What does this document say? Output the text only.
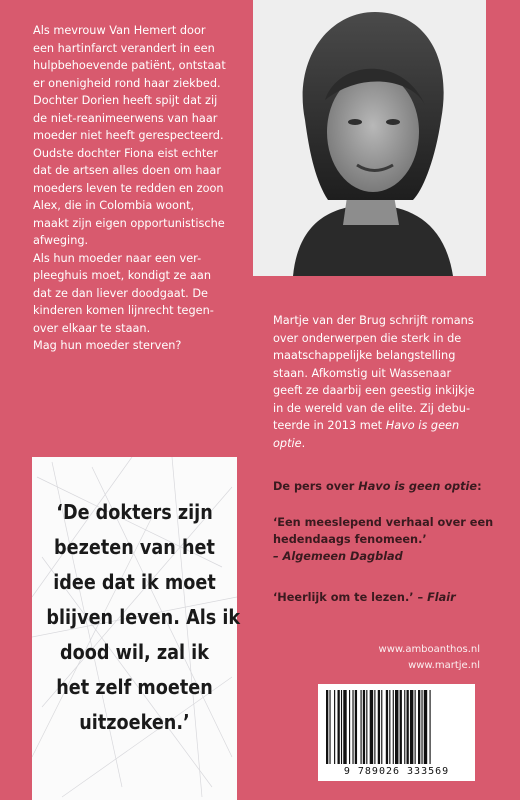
Als mevrouw Van Hemert door

een hartinfarct verandert in een

hulpbehoevende patiënt, ontstaat

er onenigheid rond haar ziekbed.

Dochter Dorien heeft spijt dat zij

de niet-reanimeerwens van haar

moeder niet heeft gerespecteerd.

Oudste dochter Fiona eist echter

dat de artsen alles doen om haar

moeders leven te redden en zoon

Alex, die in Colombia woont,

maakt zijn eigen opportunistische

afweging.

Als hun moeder naar een ver-

pleeghuis moet, kondigt ze aan

dat ze dan liever doodgaat. De

kinderen komen lijnrecht tegen-

over elkaar te staan.

Mag hun moeder sterven?

Martje van der Brug schrijft romans
over onderwerpen die sterk in de
maatschappelijke belangstelling
staan. Afkomstig uit Wassenaar
geeft ze daarbij een geestig inkijkje
in de wereld van de elite. Zij debu-
teerde in 2013 met Havo is geen
optie.

De pers over Havo is geen optie:

‘Een meeslepend verhaal over een
hedendaags fenomeen.’
– Algemeen Dagblad
‘Heerlijk om te lezen.’ – Flair
‘De dokters zijn
bezeten van het
idee dat ik moet
blijven leven. Als ik
dood wil, zal ik
het zelf moeten
uitzoeken.’

www.amboanthos.nl

www.martje.nl

9 789026 333569
